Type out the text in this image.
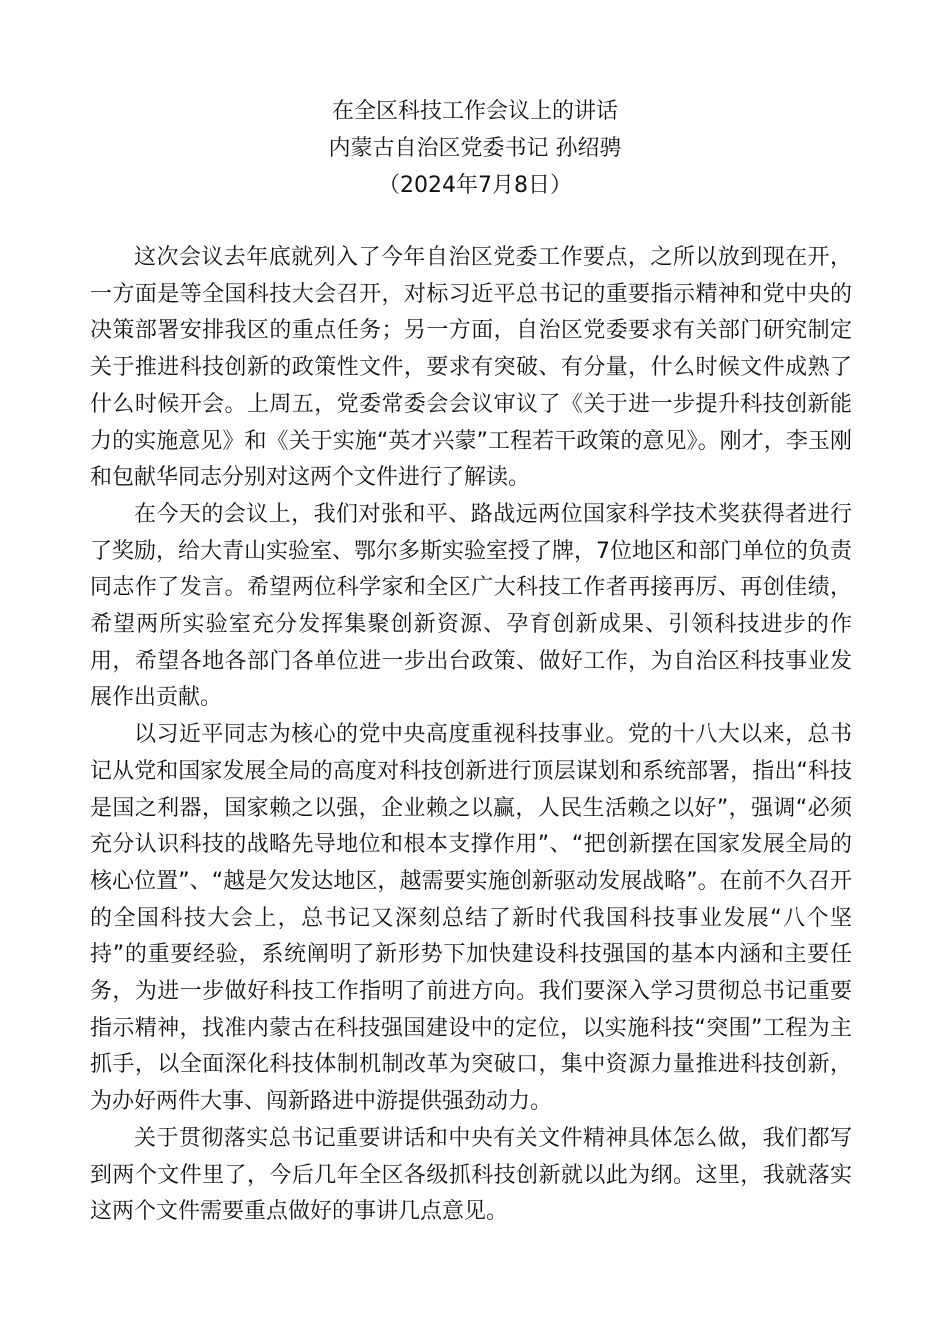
在全区科技工作会议上的讲话
内蒙古自治区党委书记 孙绍骋
（2024年7月8日）

这次会议去年底就列入了今年自治区党委工作要点，之所以放到现在开，一方面是等全国科技大会召开，对标习近平总书记的重要指示精神和党中央的决策部署安排我区的重点任务；另一方面，自治区党委要求有关部门研究制定关于推进科技创新的政策性文件，要求有突破、有分量，什么时候文件成熟了什么时候开会。上周五，党委常委会会议审议了《关于进一步提升科技创新能力的实施意见》和《关于实施“英才兴蒙”工程若干政策的意见》。刚才，李玉刚和包献华同志分别对这两个文件进行了解读。

在今天的会议上，我们对张和平、路战远两位国家科学技术奖获得者进行了奖励，给大青山实验室、鄂尔多斯实验室授了牌，7位地区和部门单位的负责同志作了发言。希望两位科学家和全区广大科技工作者再接再厉、再创佳绩，希望两所实验室充分发挥集聚创新资源、孕育创新成果、引领科技进步的作用，希望各地各部门各单位进一步出台政策、做好工作，为自治区科技事业发展作出贡献。

以习近平同志为核心的党中央高度重视科技事业。党的十八大以来，总书记从党和国家发展全局的高度对科技创新进行顶层谋划和系统部署，指出“科技是国之利器，国家赖之以强，企业赖之以赢，人民生活赖之以好”，强调“必须充分认识科技的战略先导地位和根本支撑作用”、“把创新摆在国家发展全局的核心位置”、“越是欠发达地区，越需要实施创新驱动发展战略”。在前不久召开的全国科技大会上，总书记又深刻总结了新时代我国科技事业发展“八个坚持”的重要经验，系统阐明了新形势下加快建设科技强国的基本内涵和主要任务，为进一步做好科技工作指明了前进方向。我们要深入学习贯彻总书记重要指示精神，找准内蒙古在科技强国建设中的定位，以实施科技“突围”工程为主抓手，以全面深化科技体制机制改革为突破口，集中资源力量推进科技创新，为办好两件大事、闯新路进中游提供强劲动力。

关于贯彻落实总书记重要讲话和中央有关文件精神具体怎么做，我们都写到两个文件里了，今后几年全区各级抓科技创新就以此为纲。这里，我就落实这两个文件需要重点做好的事讲几点意见。
